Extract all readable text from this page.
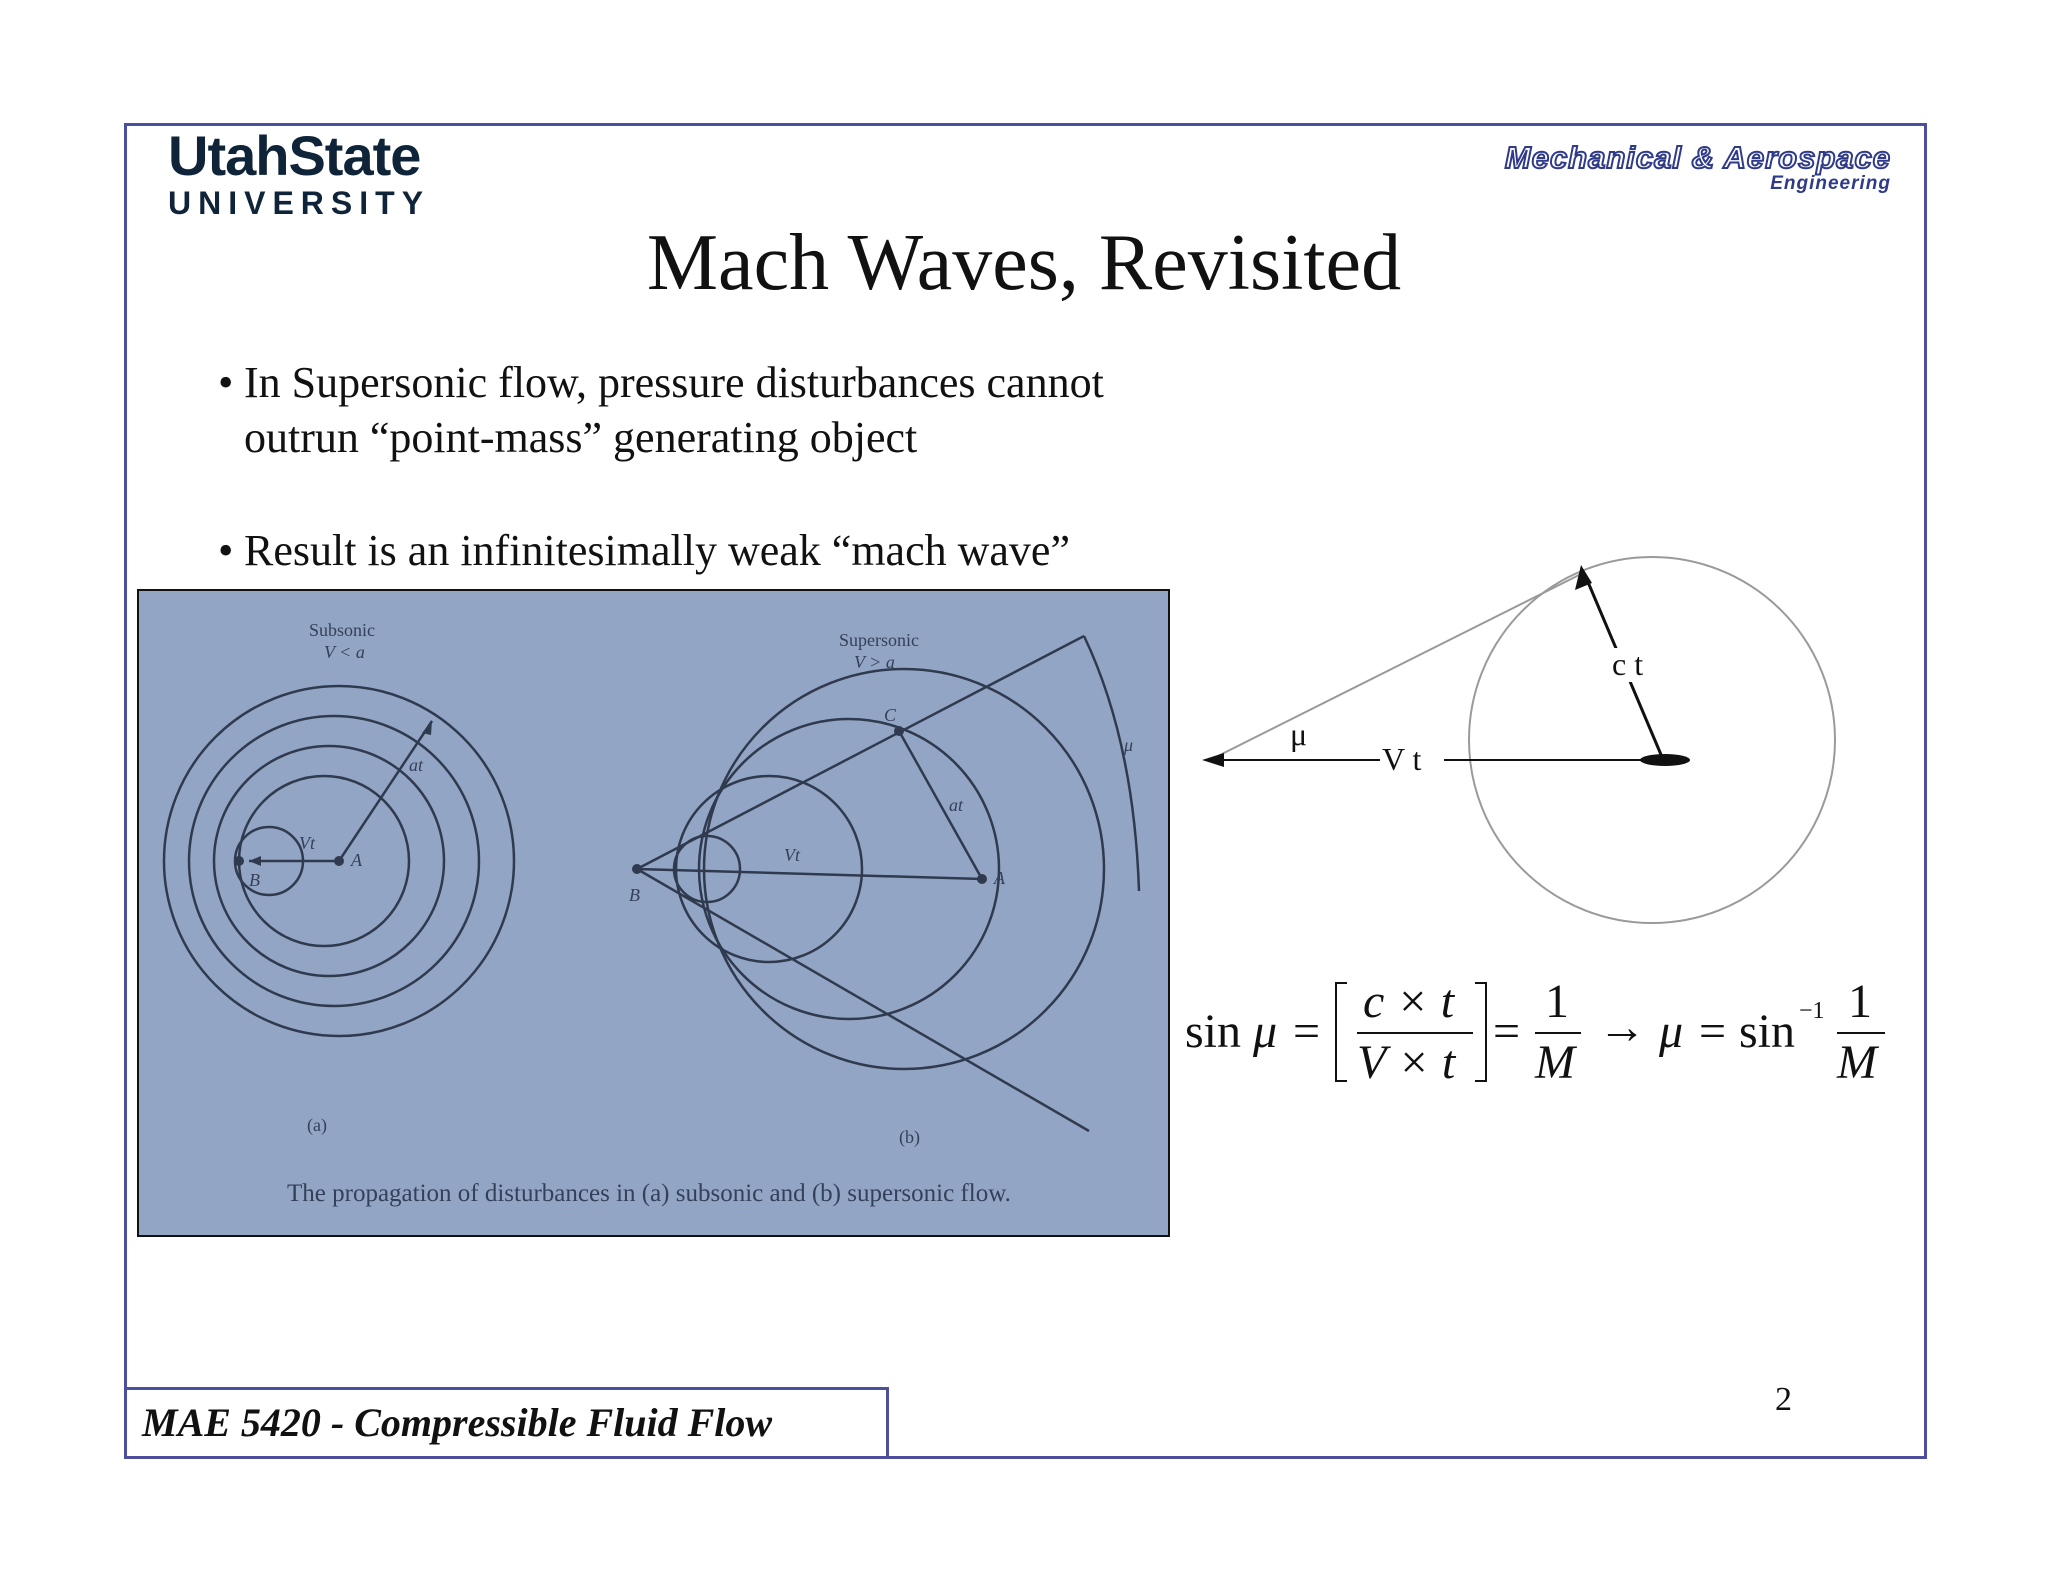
UtahState
UNIVERSITY
Mechanical & Aerospace
Engineering
Mach Waves, Revisited
• In Supersonic flow, pressure disturbances cannot outrun “point-mass” generating object
• Result is an infinitesimally weak “mach wave”
Subsonic
V < a
Supersonic
V > a
at
Vt
A
B
at
Vt
A
B
C
μ
(a)
(b)
The propagation of disturbances in (a) subsonic and (b) supersonic flow.
c t
V t
μ
sin μ =
c × t
V × t
=
1
M
→ μ = sin −1 1
M
MAE 5420 - Compressible Fluid Flow
2
